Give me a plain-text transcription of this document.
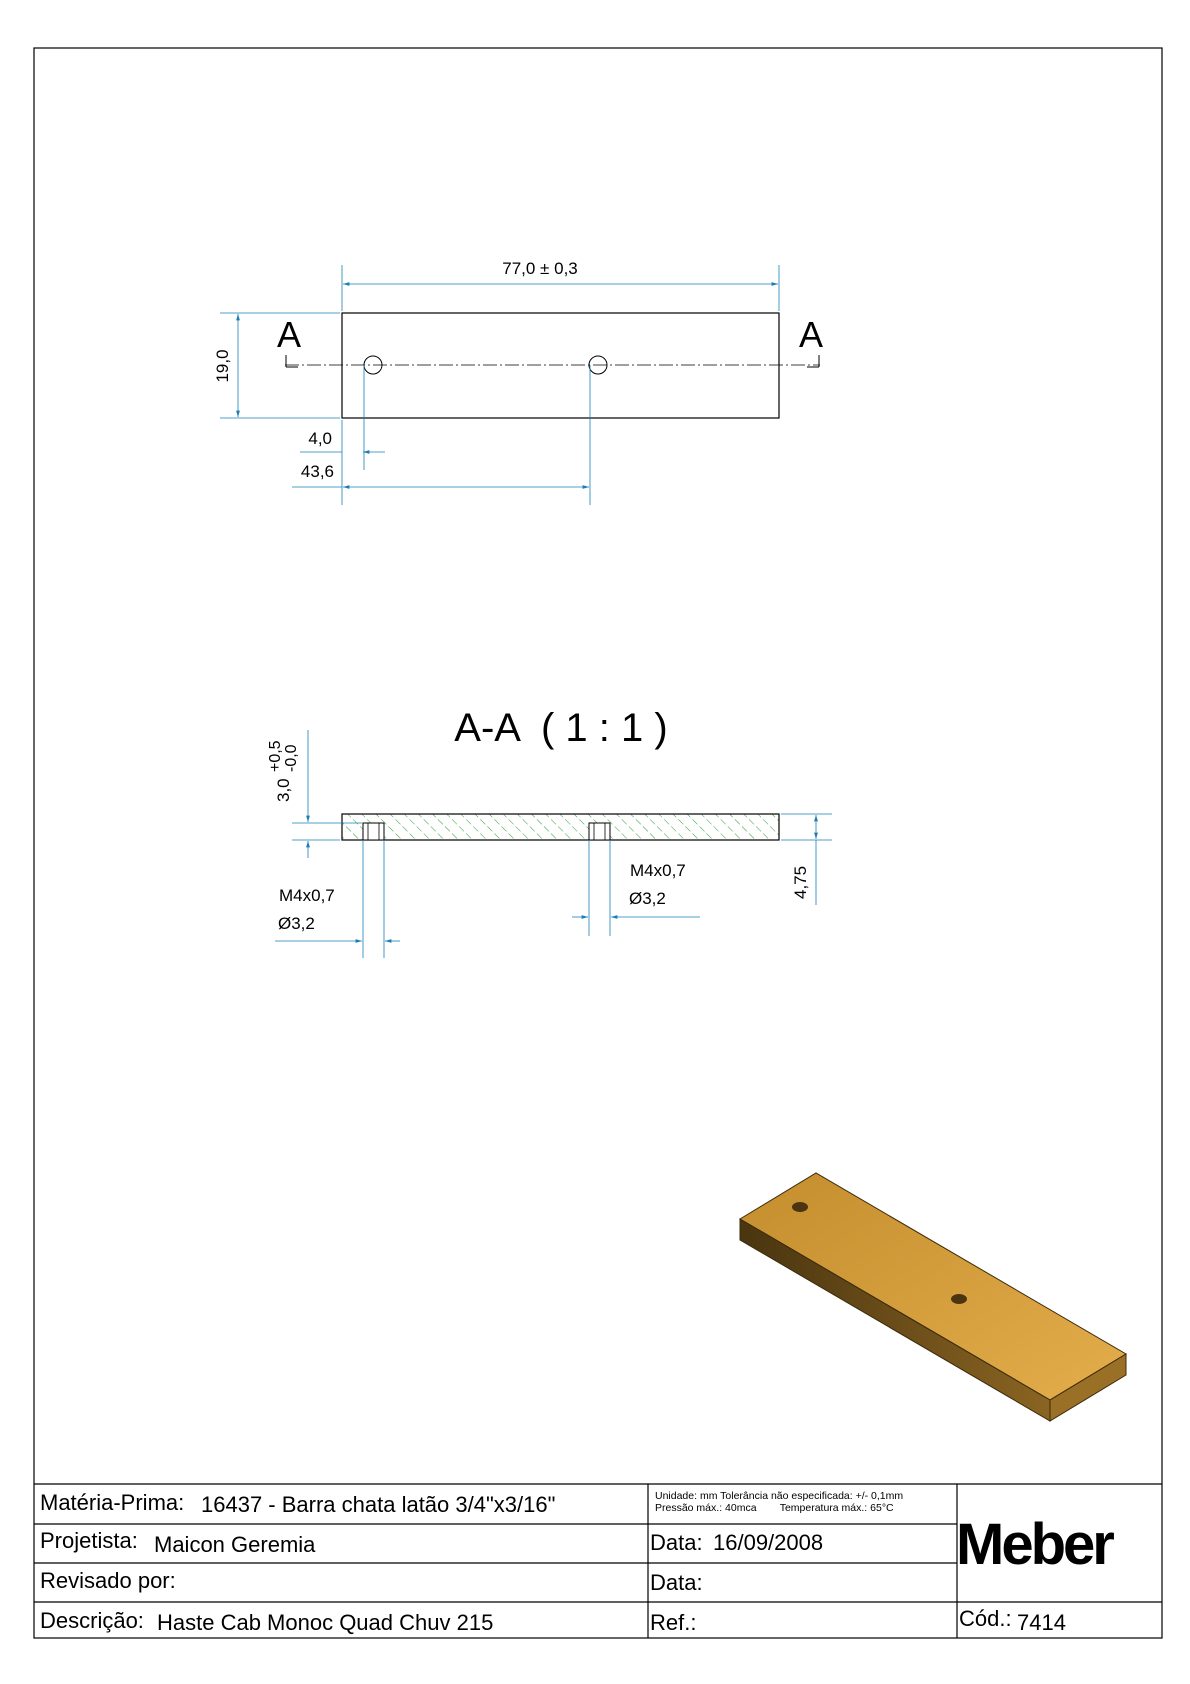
A	A
77,0 ± 0,3
19,0
4,0
43,6
A-A  ( 1 : 1 )
3,0
+0,5 -0,0
4,75
M4x0,7
Ø3,2
M4x0,7
Ø3,2
Matéria-Prima: 16437 - Barra chata latão 3/4"x3/16"	Unidade: mm Tolerância não especificada: +/- 0,1mm
Pressão máx.: 40mca        Temperatura máx.: 65°C
Projetista: Maicon Geremia	Data: 16/09/2008
Revisado por:	Data:
Descrição: Haste Cab Monoc Quad Chuv 215	Ref.:	Cód.: 7414
Meber
